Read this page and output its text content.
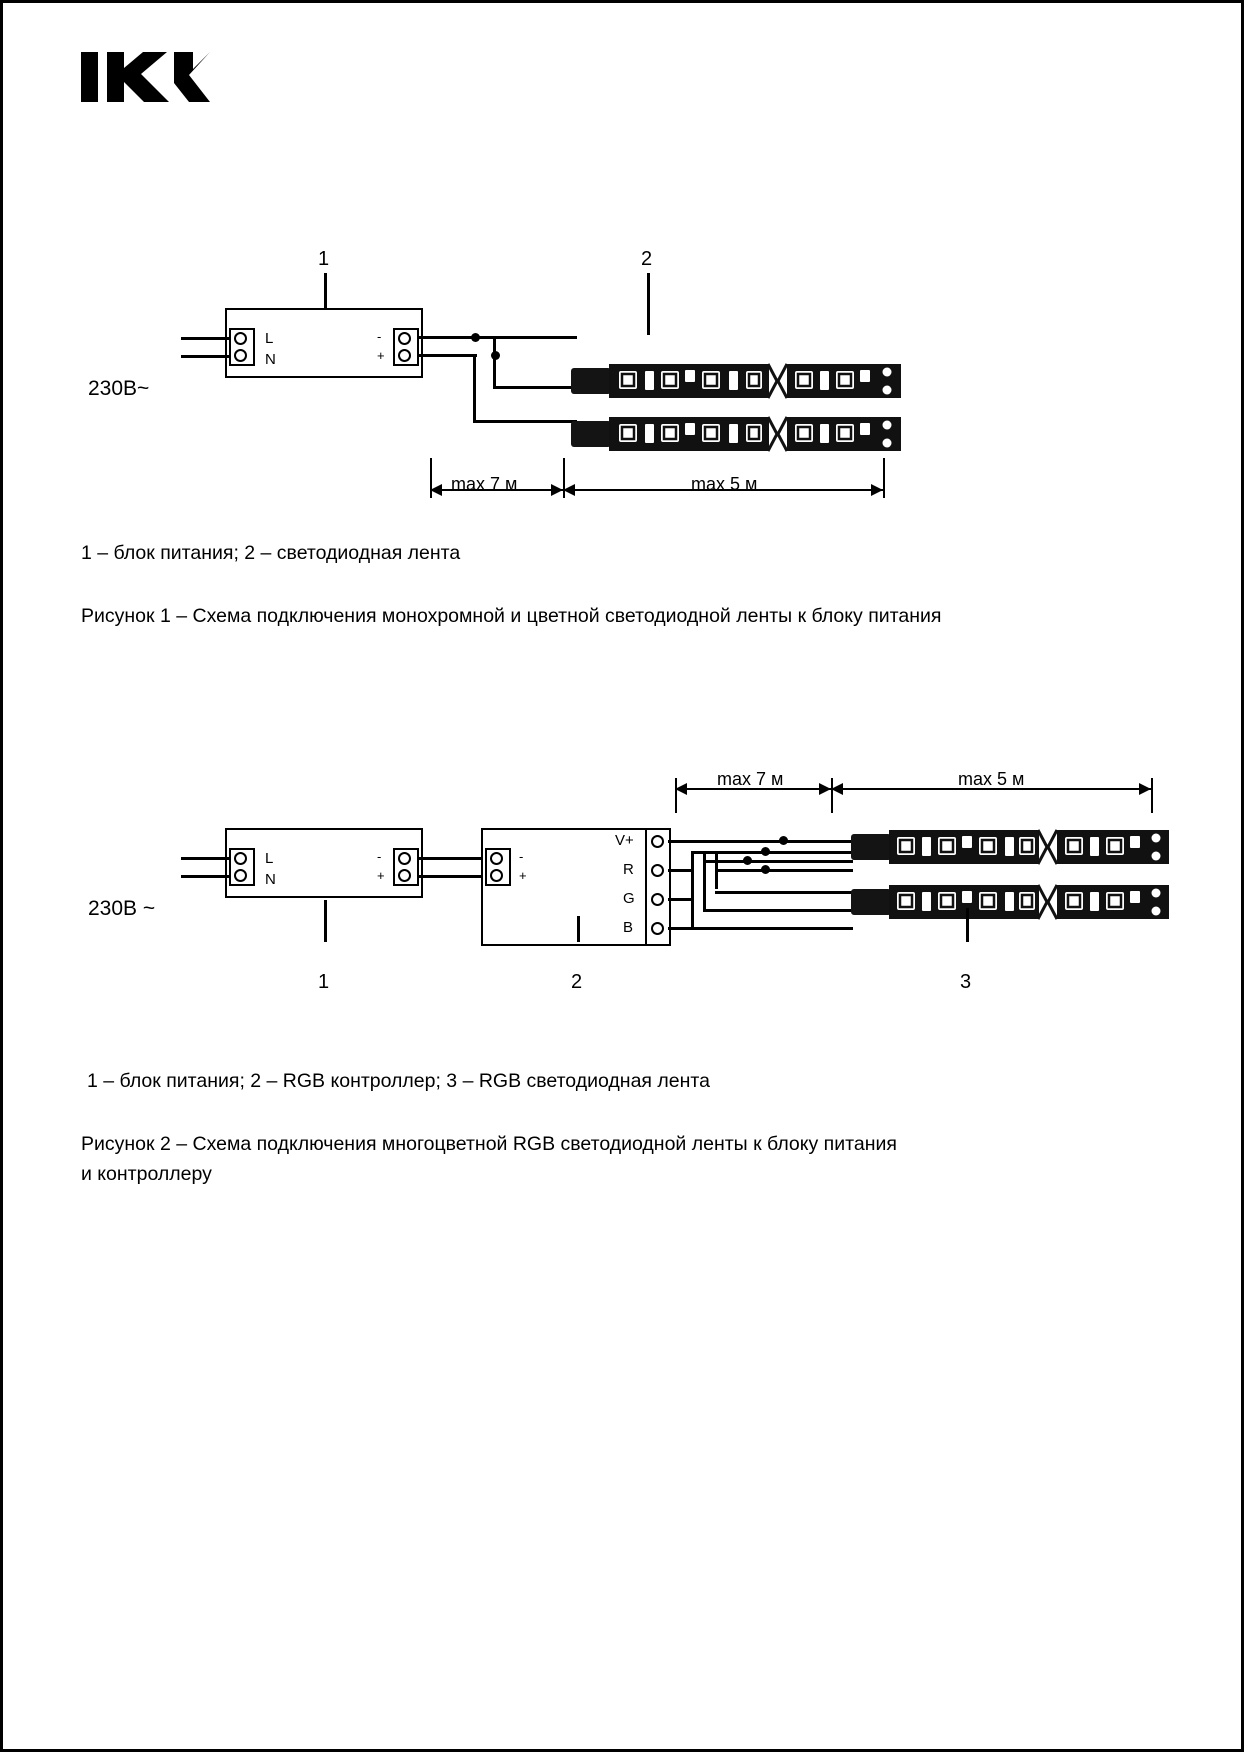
1	2
L
N
-
+
230В~
max 7 м	max 5 м
1 – блок питания; 2 – светодиодная лента
Рисунок 1 – Схема подключения монохромной и цветной светодиодной ленты к блоку питания
max 7 м	max 5 м
L
N
-
+
230В ~
-
+
V+
R
G
B
1	2	3
1 – блок питания; 2 – RGB контроллер; 3 – RGB светодиодная лента
Рисунок 2 – Схема подключения многоцветной RGB светодиодной ленты к блоку питания
и контроллеру
